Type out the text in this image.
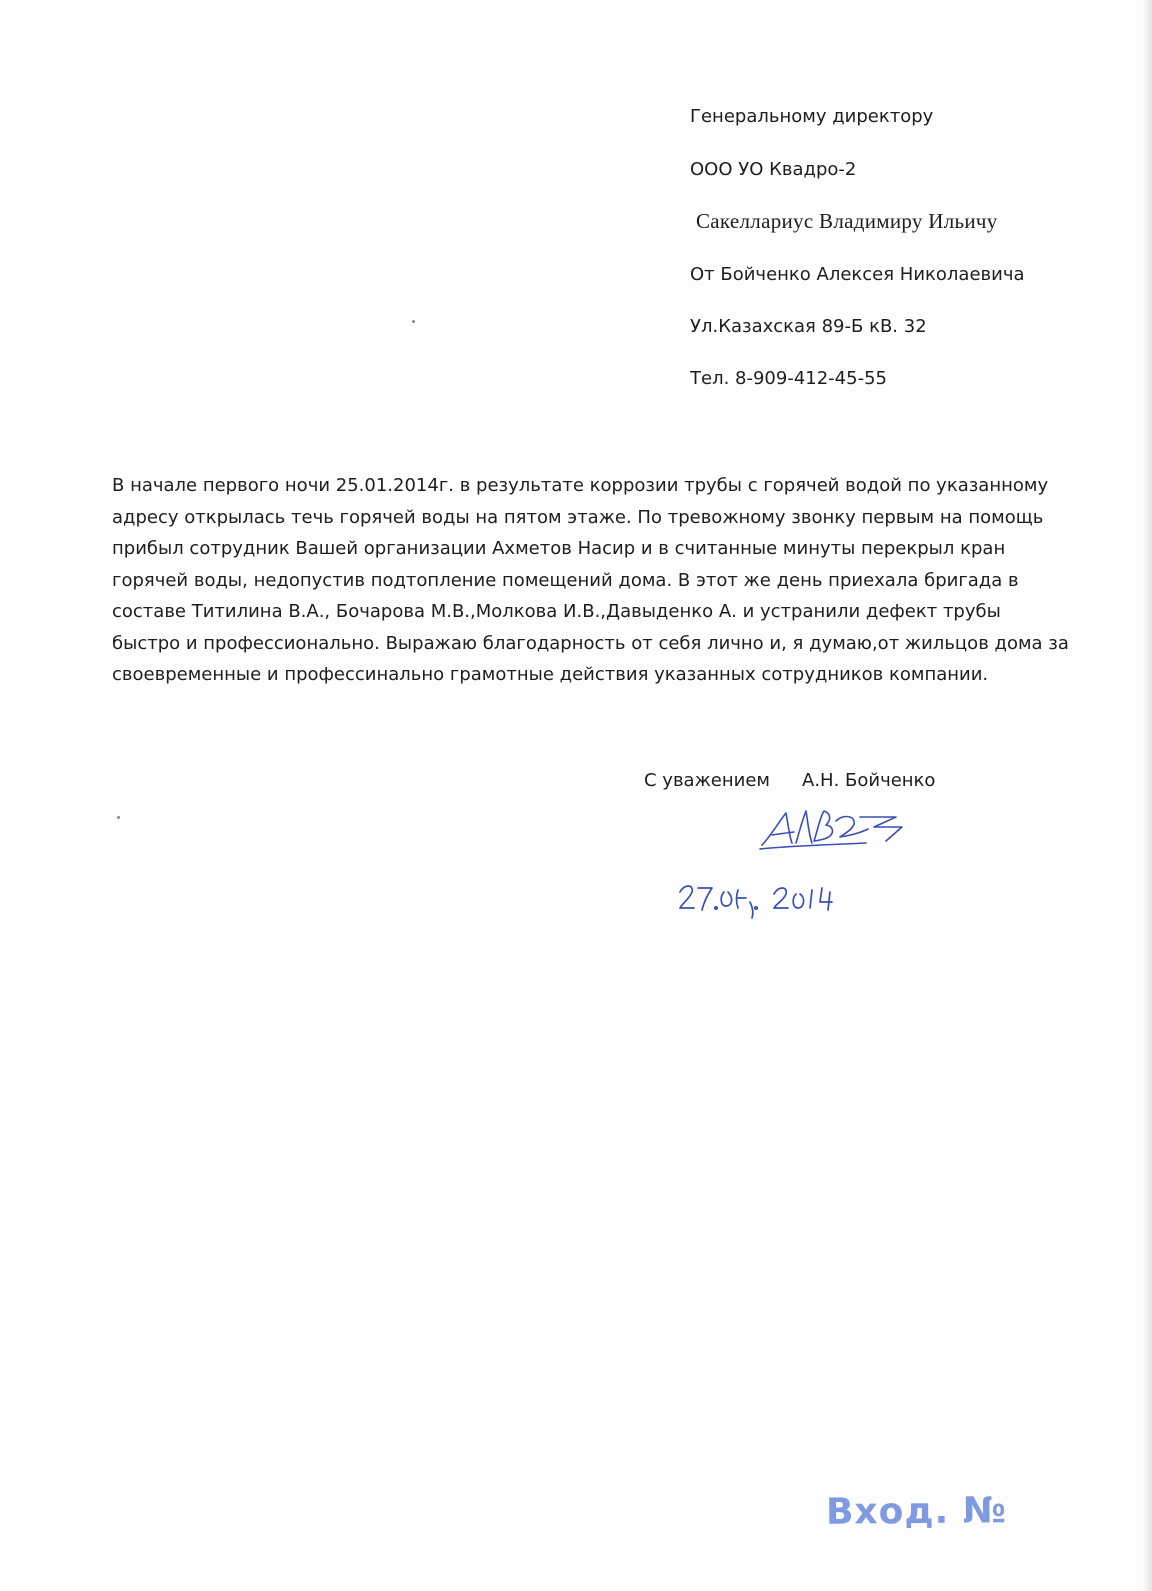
Генеральному директору
ООО УО Квадро-2
Сакеллариус Владимиру Ильичу
От Бойченко Алексея Николаевича
Ул.Казахская 89-Б кВ. 32
Тел. 8-909-412-45-55
В начале первого ночи 25.01.2014г. в результате коррозии трубы с горячей водой по указанному
адресу открылась течь горячей воды на пятом этаже. По тревожному звонку первым на помощь
прибыл сотрудник Вашей организации Ахметов Насир и в считанные минуты перекрыл кран
горячей воды, недопустив подтопление помещений дома. В этот же день приехала бригада в
составе Титилина В.А., Бочарова М.В.,Молкова И.В.,Давыденко А. и устранили дефект трубы
быстро и профессионально. Выражаю благодарность от себя лично и, я думаю,от жильцов дома за
своевременные и профессинально грамотные действия указанных сотрудников компании.
С уважением А.Н. Бойченко
Вход. №
